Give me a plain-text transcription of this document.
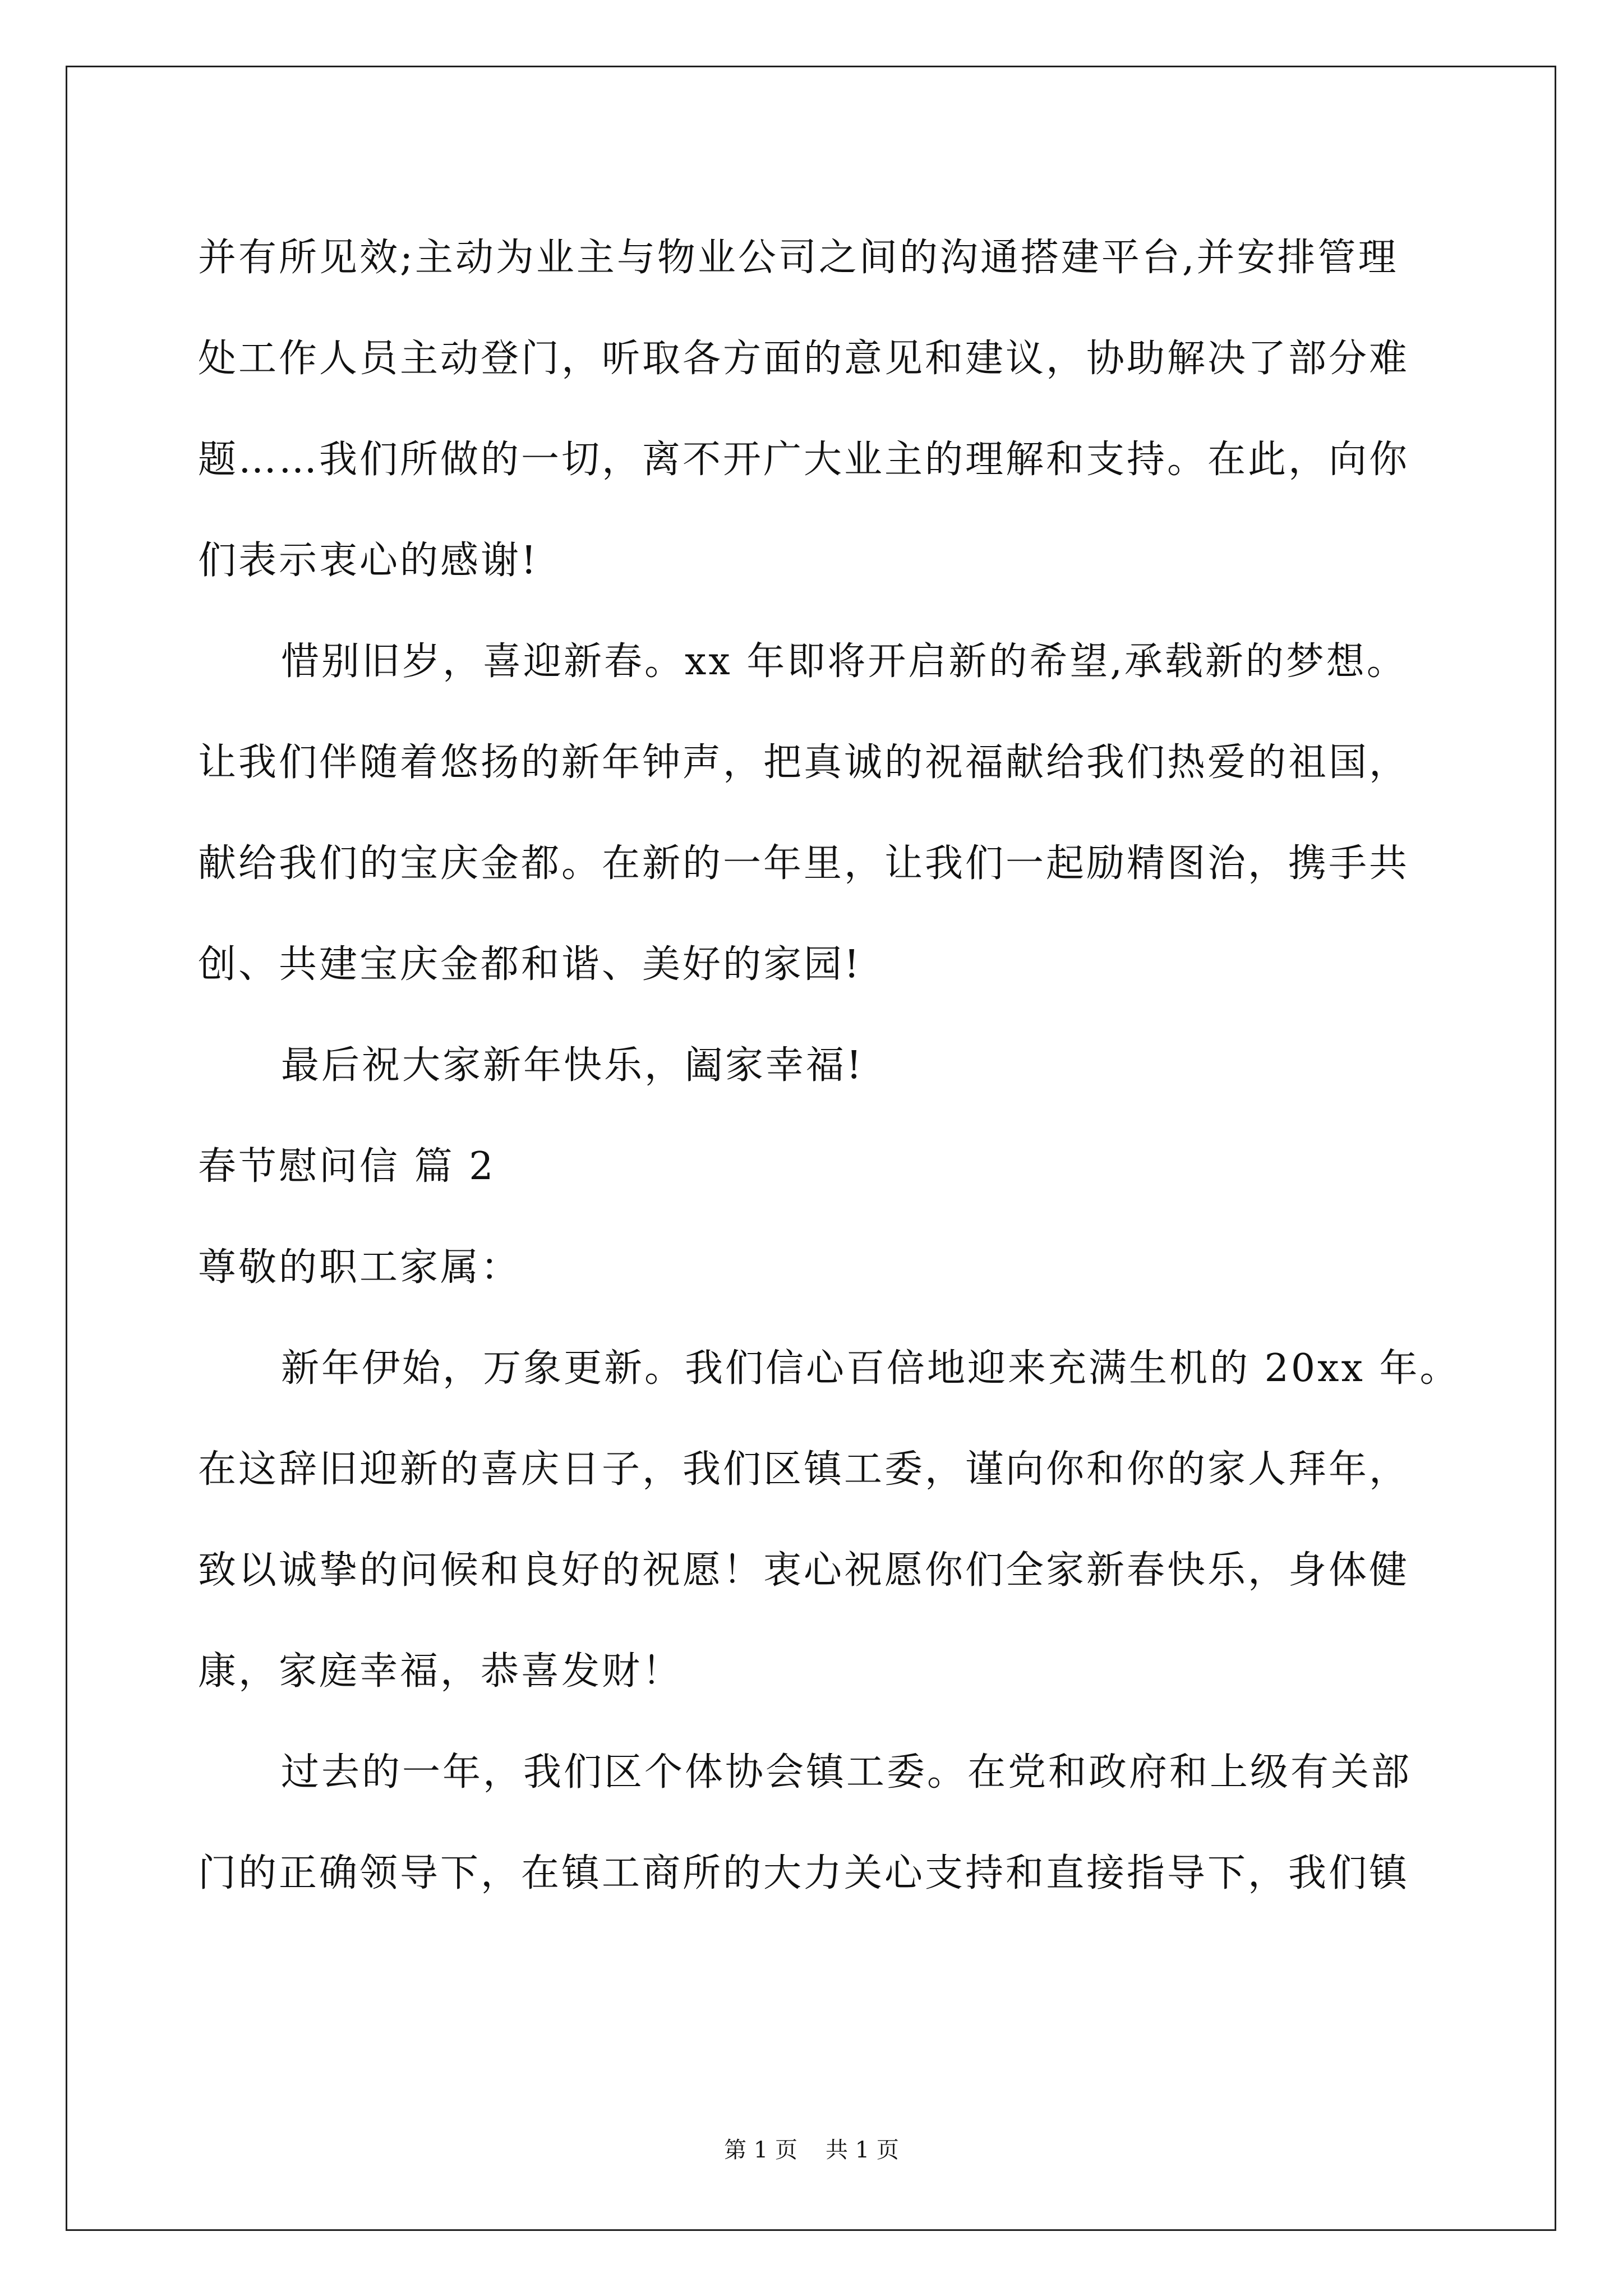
并有所见效;主动为业主与物业公司之间的沟通搭建平台,并安排管理
处工作人员主动登门，听取各方面的意见和建议，协助解决了部分难
题……我们所做的一切，离不开广大业主的理解和支持。在此，向你
们表示衷心的感谢!
惜别旧岁，喜迎新春。xx 年即将开启新的希望,承载新的梦想。
让我们伴随着悠扬的新年钟声，把真诚的祝福献给我们热爱的祖国，
献给我们的宝庆金都。在新的一年里，让我们一起励精图治，携手共
创、共建宝庆金都和谐、美好的家园!
最后祝大家新年快乐，阖家幸福!
春节慰问信 篇 2
尊敬的职工家属：
新年伊始，万象更新。我们信心百倍地迎来充满生机的 20xx 年。
在这辞旧迎新的喜庆日子，我们区镇工委，谨向你和你的家人拜年，
致以诚挚的问候和良好的祝愿！衷心祝愿你们全家新春快乐，身体健
康，家庭幸福，恭喜发财！
过去的一年，我们区个体协会镇工委。在党和政府和上级有关部
门的正确领导下，在镇工商所的大力关心支持和直接指导下，我们镇
第 1 页 共 1 页
